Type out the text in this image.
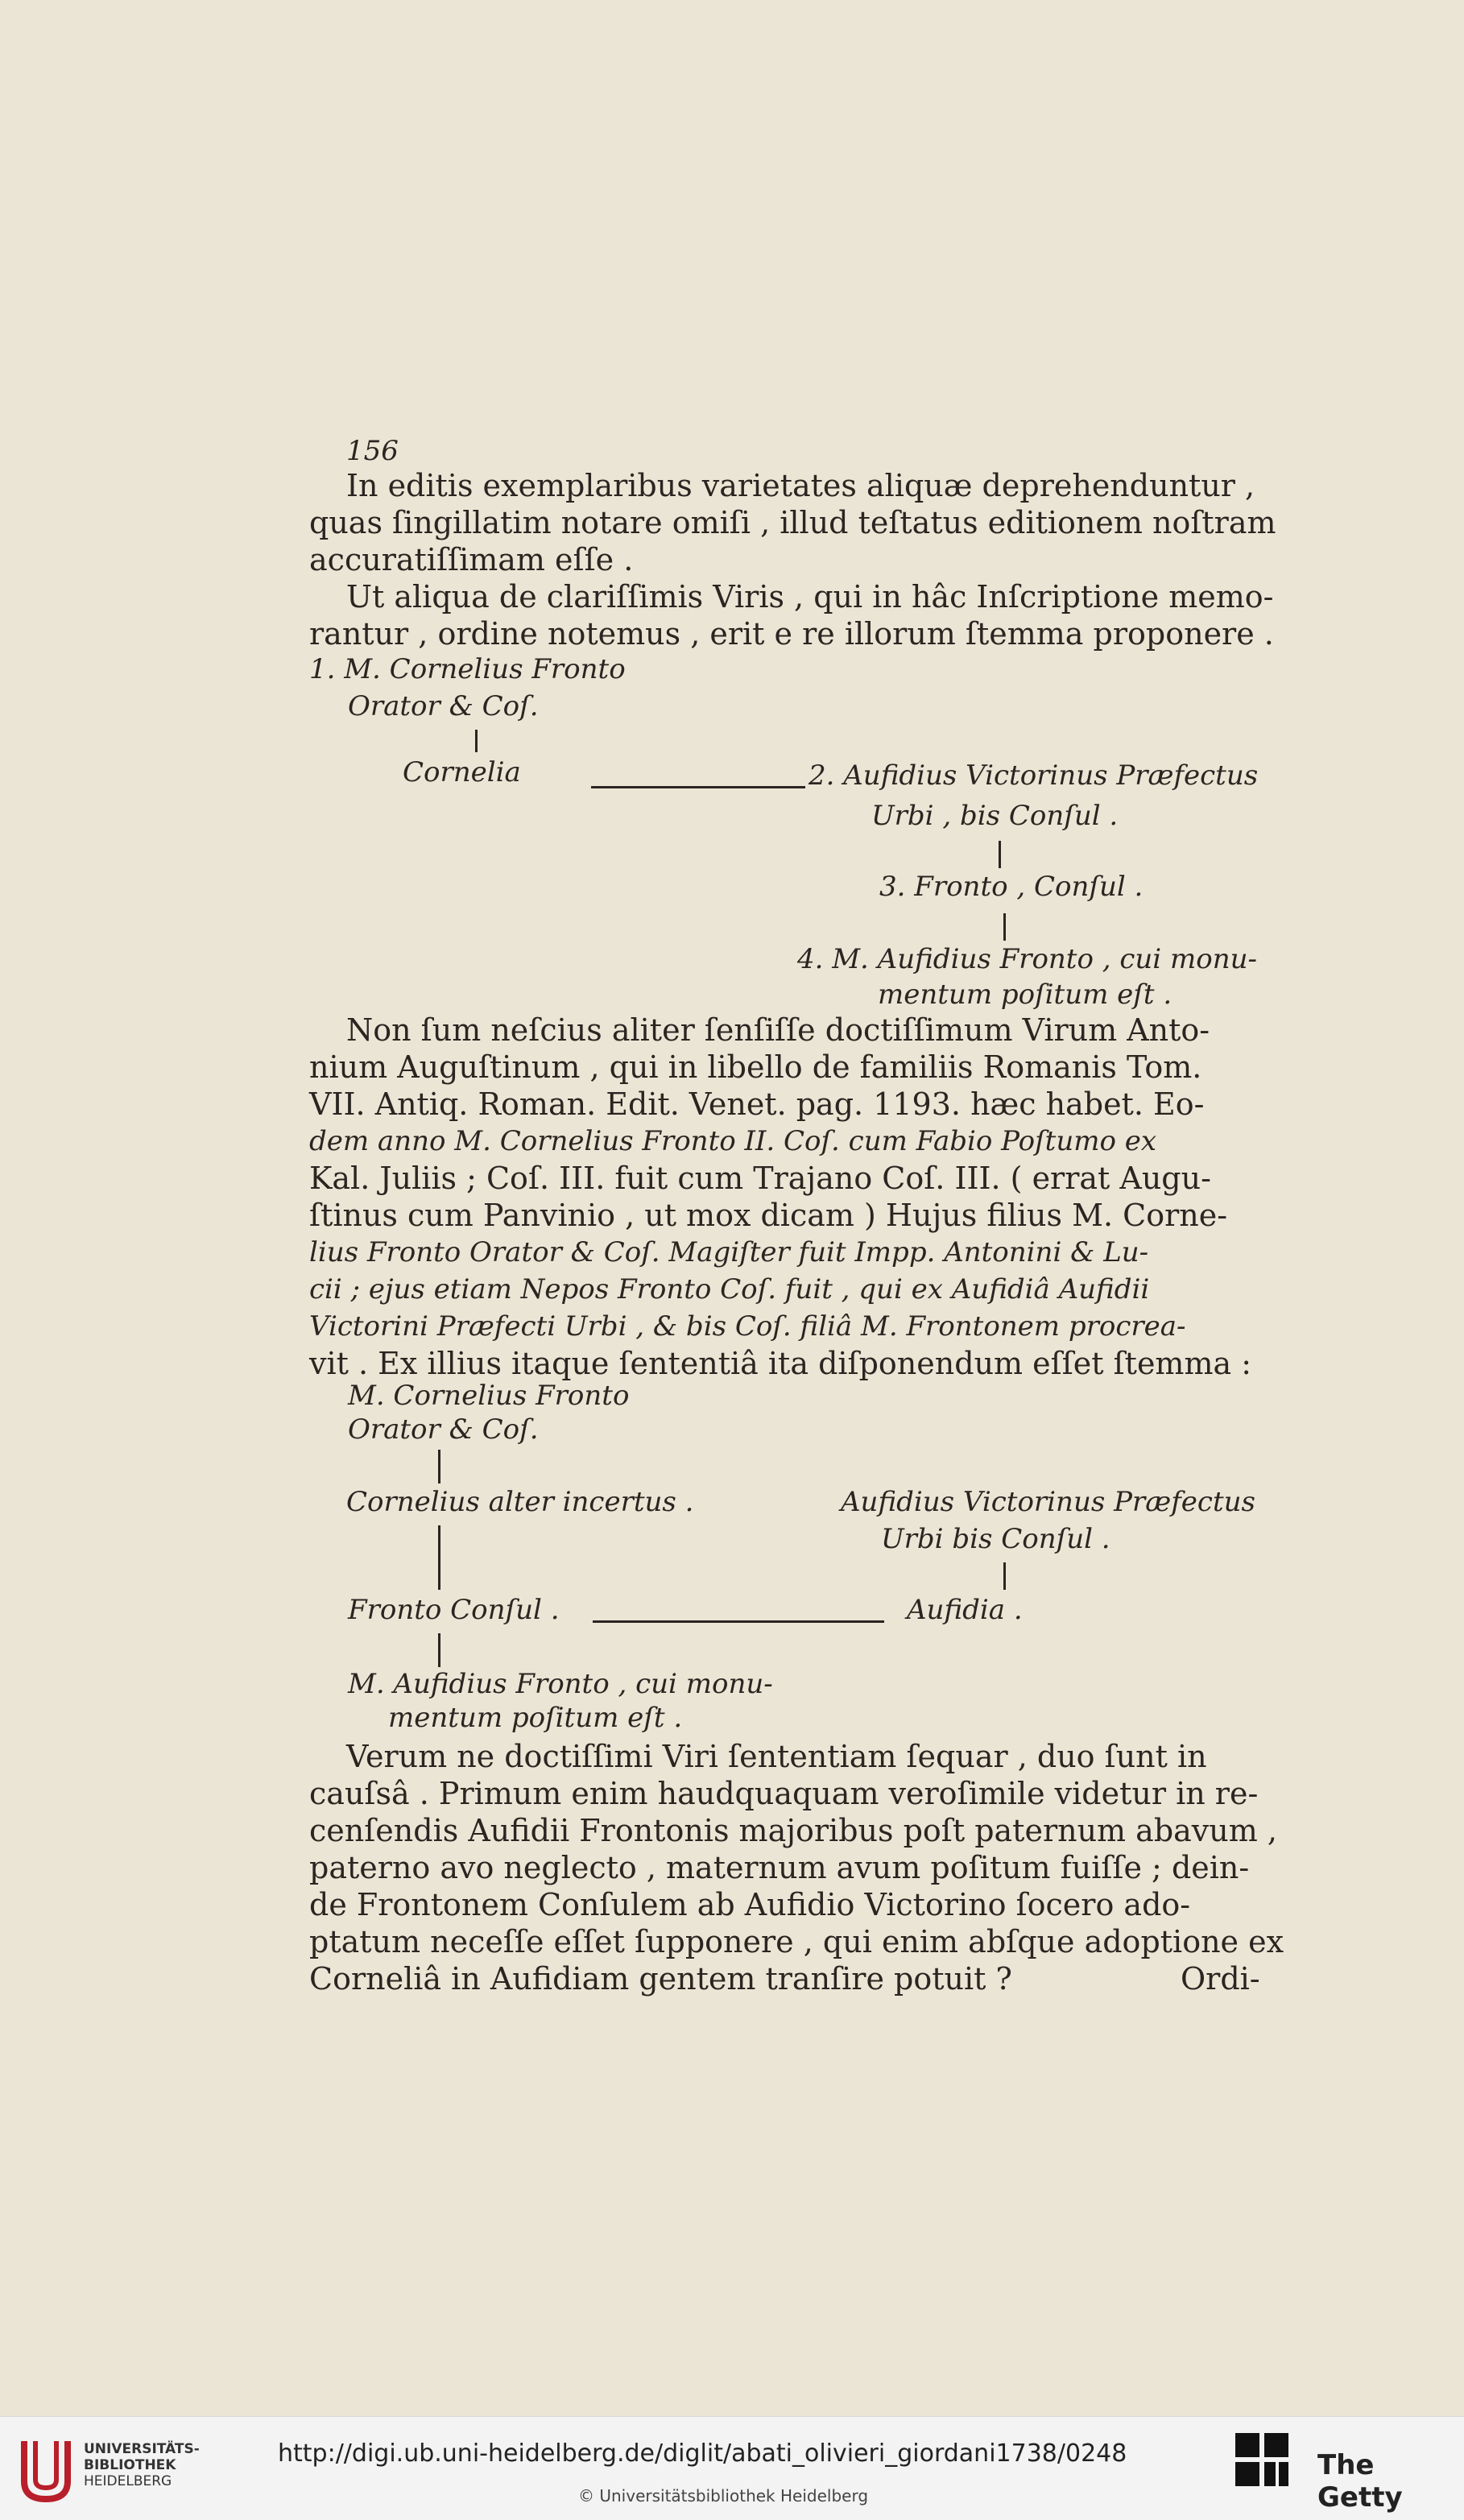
156
In editis exemplaribus varietates aliquæ deprehenduntur ,
quas ſingillatim notare omiſi , illud teſtatus editionem noſtram
accuratiſſimam eſſe .
Ut aliqua de clariſſimis Viris , qui in hâc Inſcriptione memo-
rantur , ordine notemus , erit e re illorum ſtemma proponere .
1. M. Cornelius Fronto
Orator & Coſ.
Cornelia	2. Aufidius Victorinus Præfectus
Urbi , bis Conſul .
3. Fronto , Conſul .
4. M. Aufidius Fronto , cui monu-
mentum poſitum eſt .
Non ſum neſcius aliter ſenſiſſe doctiſſimum Virum Anto-
nium Auguſtinum , qui in libello de familiis Romanis Tom.
VII. Antiq. Roman. Edit. Venet. pag. 1193. hæc habet. Eo-
dem anno M. Cornelius Fronto II. Coſ. cum Fabio Poſtumo ex
Kal. Juliis ; Coſ. III. fuit cum Trajano Coſ. III. ( errat Augu-
ſtinus cum Panvinio , ut mox dicam ) Hujus filius M. Corne-
lius Fronto Orator & Coſ. Magiſter fuit Impp. Antonini & Lu-
cii ; ejus etiam Nepos Fronto Coſ. fuit , qui ex Aufidiâ Aufidii
Victorini Præfecti Urbi , & bis Coſ. filiâ M. Frontonem procrea-
vit . Ex illius itaque ſententiâ ita diſponendum eſſet ſtemma :
M. Cornelius Fronto
Orator & Coſ.
Cornelius alter incertus .	Aufidius Victorinus Præfectus
Urbi bis Conſul .
Fronto Conſul .	Aufidia .
M. Aufidius Fronto , cui monu-
mentum poſitum eſt .
Verum ne doctiſſimi Viri ſententiam ſequar , duo ſunt in
cauſsâ . Primum enim haudquaquam veroſimile videtur in re-
cenſendis Aufidii Frontonis majoribus poſt paternum abavum ,
paterno avo neglecto , maternum avum poſitum fuiſſe ; dein-
de Frontonem Conſulem ab Aufidio Victorino ſocero ado-
ptatum neceſſe eſſet ſupponere , qui enim abſque adoptione ex
Corneliâ in Aufidiam gentem tranſire potuit ?	Ordi-
UNIVERSITÄTS-
BIBLIOTHEK
HEIDELBERG
http://digi.ub.uni-heidelberg.de/diglit/abati_olivieri_giordani1738/0248
© Universitätsbibliothek Heidelberg
The Getty
